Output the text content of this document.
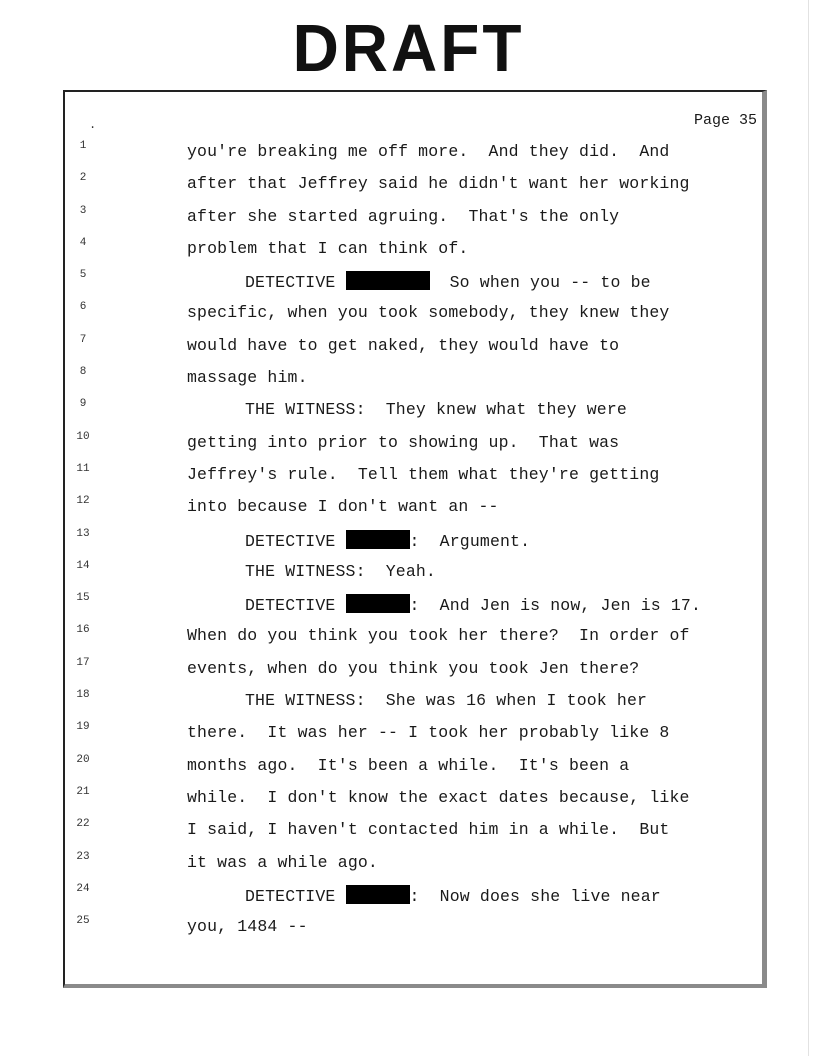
DRAFT
.	Page 35
1	you're breaking me off more.  And they did.  And
2	after that Jeffrey said he didn't want her working
3	after she started agruing.  That's the only
4	problem that I can think of.
5	DETECTIVE	So when you -- to be
6	specific, when you took somebody, they knew they
7	would have to get naked, they would have to
8	massage him.
9	THE WITNESS:  They knew what they were
10	getting into prior to showing up.  That was
11	Jeffrey's rule.  Tell them what they're getting
12	into because I don't want an --
13	DETECTIVE	:  Argument.
14	THE WITNESS:  Yeah.
15	DETECTIVE	:  And Jen is now, Jen is 17.
16	When do you think you took her there?  In order of
17	events, when do you think you took Jen there?
18	THE WITNESS:  She was 16 when I took her
19	there.  It was her -- I took her probably like 8
20	months ago.  It's been a while.  It's been a
21	while.  I don't know the exact dates because, like
22	I said, I haven't contacted him in a while.  But
23	it was a while ago.
24	DETECTIVE	:  Now does she live near
25	you, 1484 --
